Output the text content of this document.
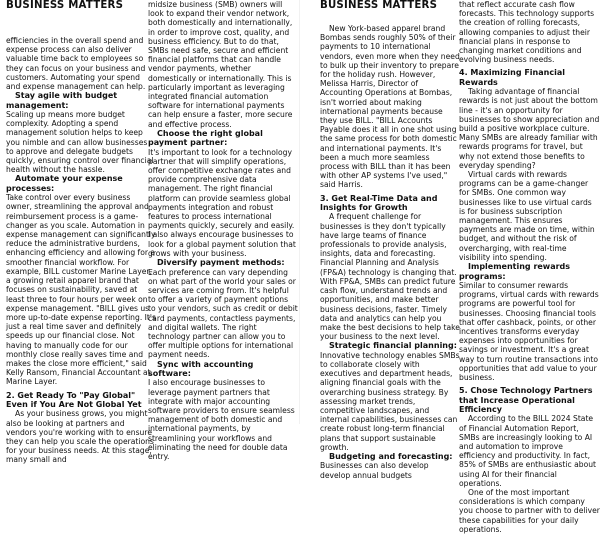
BUSINESS MATTERS

efficiencies in the overall spend and expense process can also deliver valuable time back to employees so they can focus on your business and customers. Automating your spend and expense management can help.

Stay agile with budget management:

Scaling up means more budget complexity. Adopting a spend management solution helps to keep you nimble and can allow businesses to approve and delegate budgets quickly, ensuring control over financial health without the hassle.

Automate your expense processes:

Take control over every business owner, streamlining the approval and reimbursement process is a game-changer as you scale. Automation in expense management can significantly reduce the administrative burdens, enhancing efficiency and allowing for a smoother financial workflow. For example, BILL customer Marine Layer, a growing retail apparel brand that focuses on sustainability, saved at least three to four hours per week on expense management. "BILL gives us more up-to-date expense reporting. It's just a real time saver and definitely speeds up our financial close. Not having to manually code for our monthly close really saves time and makes the close more efficient," said Kelly Ransom, Financial Accountant at Marine Layer.

2. Get Ready To "Pay Global" Even if You Are Not Global Yet

As your business grows, you might also be looking at partners and vendors you're working with to ensure they can help you scale the operations for your business needs. At this stage, many small and

midsize business (SMB) owners will look to expand their vendor network, both domestically and internationally, in order to improve cost, quality, and business efficiency. But to do that, SMBs need safe, secure and efficient financial platforms that can handle vendor payments, whether domestically or internationally. This is particularly important as leveraging integrated financial automation software for international payments can help ensure a faster, more secure and effective process.

Choose the right global payment partner:

It's important to look for a technology partner that will simplify operations, offer competitive exchange rates and provide comprehensive data management. The right financial platform can provide seamless global payments integration and robust features to process international payments quickly, securely and easily. I also always encourage businesses to look for a global payment solution that grows with your business.

Diversify payment methods:

Each preference can vary depending on what part of the world your sales or services are coming from. It's helpful to offer a variety of payment options to your vendors, such as credit or debit card payments, contactless payments, and digital wallets. The right technology partner can allow you to offer multiple options for international payment needs.

Sync with accounting software:

I also encourage businesses to leverage payment partners that integrate with major accounting software providers to ensure seamless management of both domestic and international payments, by streamlining your workflows and eliminating the need for double data entry.

BUSINESS MATTERS

New York-based apparel brand Bombas sends roughly 50% of their payments to 10 international vendors, even more when they need to bulk up their inventory to prepare for the holiday rush. However, Melissa Harris, Director of Accounting Operations at Bombas, isn't worried about making international payments because they use BILL. "BILL Accounts Payable does it all in one shot using the same process for both domestic and international payments. It's been a much more seamless process with BILL than it has been with other AP systems I've used," said Harris.

3. Get Real-Time Data and Insights for Growth

A frequent challenge for businesses is they don't typically have large teams of finance professionals to provide analysis, insights, data and forecasting. Financial Planning and Analysis (FP&A) technology is changing that. With FP&A, SMBs can predict future cash flow, understand trends and opportunities, and make better business decisions, faster. Timely data and analytics can help you make the best decisions to help take your business to the next level.

Strategic financial planning:

Innovative technology enables SMBs to collaborate closely with executives and department heads, aligning financial goals with the overarching business strategy. By assessing market trends, competitive landscapes, and internal capabilities, businesses can create robust long-term financial plans that support sustainable growth.

Budgeting and forecasting:

Businesses can also develop develop annual budgets

that reflect accurate cash flow forecasts. This technology supports the creation of rolling forecasts, allowing companies to adjust their financial plans in response to changing market conditions and evolving business needs.

4. Maximizing Financial Rewards

Taking advantage of financial rewards is not just about the bottom line - it's an opportunity for businesses to show appreciation and build a positive workplace culture. Many SMBs are already familiar with rewards programs for travel, but why not extend those benefits to everyday spending?

Virtual cards with rewards programs can be a game-changer for SMBs. One common way businesses like to use virtual cards is for business subscription management. This ensures payments are made on time, within budget, and without the risk of overcharging, with real-time visibility into spending.

Implementing rewards programs:

Similar to consumer rewards programs, virtual cards with rewards programs are powerful tool for businesses. Choosing financial tools that offer cashback, points, or other incentives transforms everyday expenses into opportunities for savings or investment. It's a great way to turn routine transactions into opportunities that add value to your business.

5. Chose Technology Partners that Increase Operational Efficiency

According to the BILL 2024 State of Financial Automation Report, SMBs are increasingly looking to AI and automation to improve efficiency and productivity. In fact, 85% of SMBs are enthusiastic about using AI for their financial operations.

One of the most important considerations is which company you choose to partner with to deliver these capabilities for your daily operations.
